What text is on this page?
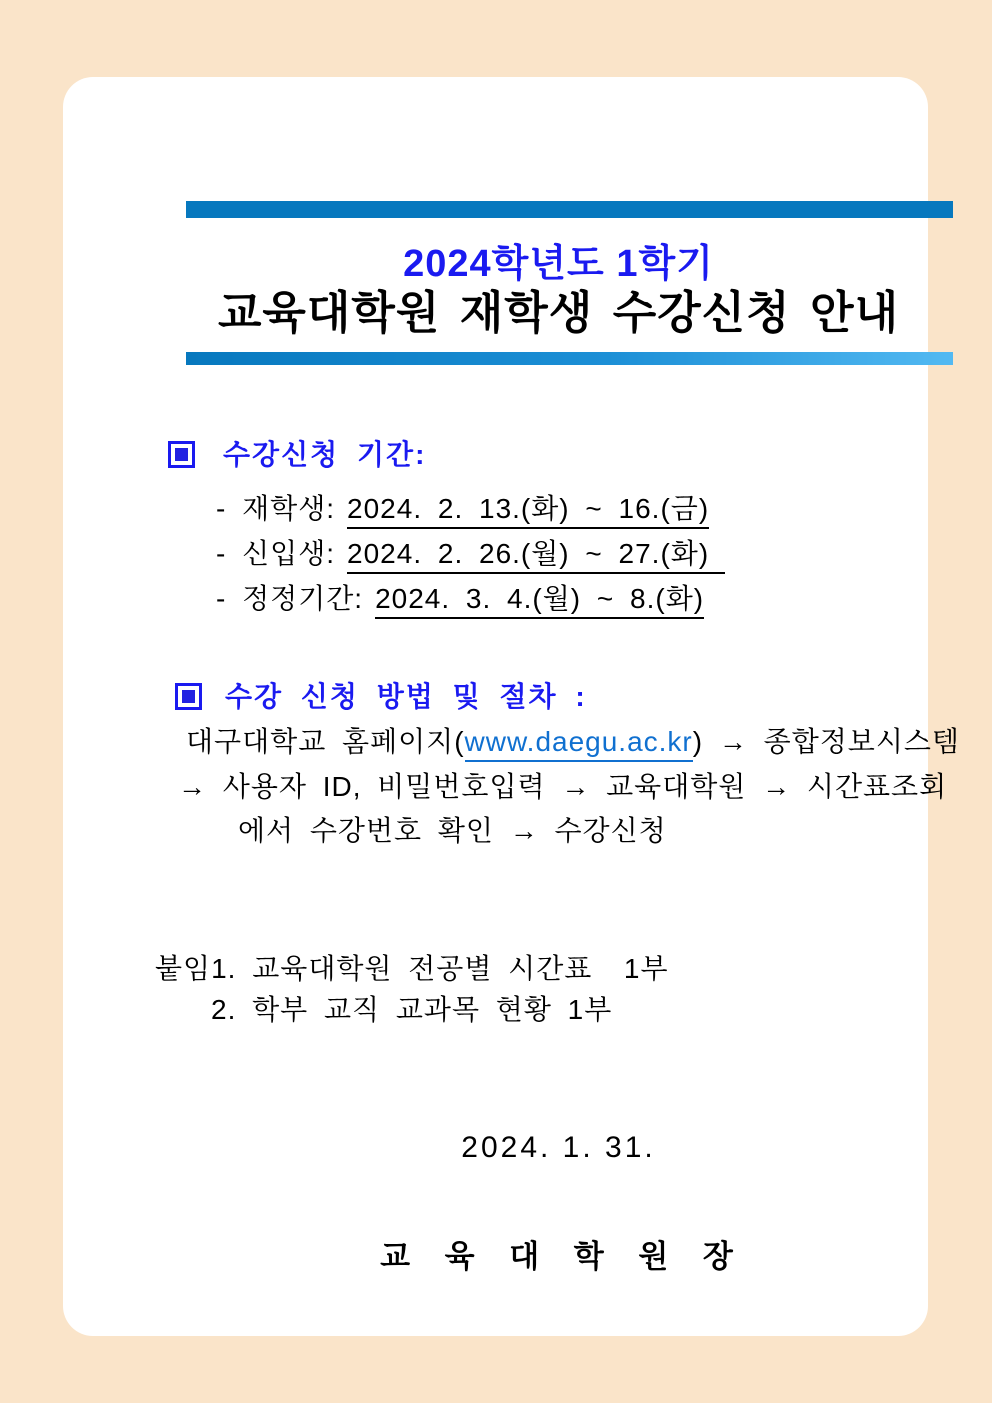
2024학년도 1학기
교육대학원 재학생 수강신청 안내
수강신청 기간:
- 재학생: 2024. 2. 13.(화) ~ 16.(금)
- 신입생: 2024. 2. 26.(월) ~ 27.(화)
- 정정기간: 2024. 3. 4.(월) ~ 8.(화)
수강 신청 방법 및 절차 :
대구대학교 홈페이지(www.daegu.ac.kr) → 종합정보시스템
→ 사용자 ID, 비밀번호입력 → 교육대학원 → 시간표조회
에서 수강번호 확인 → 수강신청
붙임1. 교육대학원 전공별 시간표  1부
2. 학부 교직 교과목 현황 1부
2024. 1. 31.
교 육 대 학 원 장
